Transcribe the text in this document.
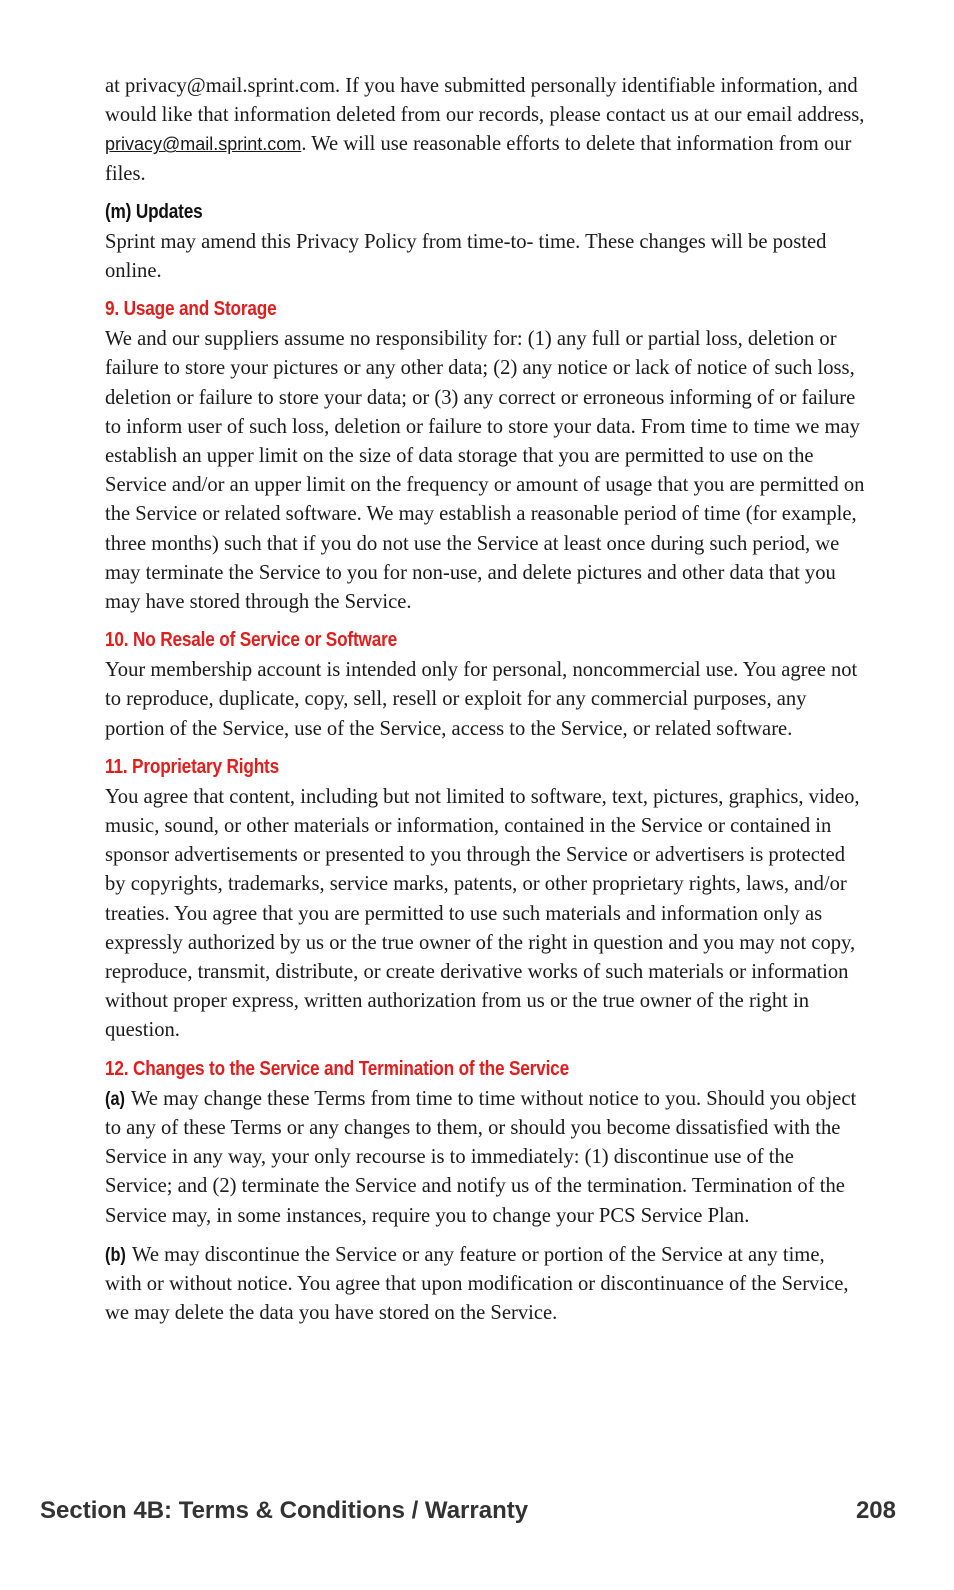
at privacy@mail.sprint.com. If you have submitted personally identifiable information, and would like that information deleted from our records, please contact us at our email address, privacy@mail.sprint.com. We will use reasonable efforts to delete that information from our files.

(m) Updates

Sprint may amend this Privacy Policy from time-to- time. These changes will be posted online.

9. Usage and Storage

We and our suppliers assume no responsibility for: (1) any full or partial loss, deletion or failure to store your pictures or any other data; (2) any notice or lack of notice of such loss, deletion or failure to store your data; or (3) any correct or erroneous informing of or failure to inform user of such loss, deletion or failure to store your data. From time to time we may establish an upper limit on the size of data storage that you are permitted to use on the Service and/or an upper limit on the frequency or amount of usage that you are permitted on the Service or related software. We may establish a reasonable period of time (for example, three months) such that if you do not use the Service at least once during such period, we may terminate the Service to you for non-use, and delete pictures and other data that you may have stored through the Service.

10. No Resale of Service or Software

Your membership account is intended only for personal, noncommercial use. You agree not to reproduce, duplicate, copy, sell, resell or exploit for any commercial purposes, any portion of the Service, use of the Service, access to the Service, or related software.

11. Proprietary Rights

You agree that content, including but not limited to software, text, pictures, graphics, video, music, sound, or other materials or information, contained in the Service or contained in sponsor advertisements or presented to you through the Service or advertisers is protected by copyrights, trademarks, service marks, patents, or other proprietary rights, laws, and/or treaties. You agree that you are permitted to use such materials and information only as expressly authorized by us or the true owner of the right in question and you may not copy, reproduce, transmit, distribute, or create derivative works of such materials or information without proper express, written authorization from us or the true owner of the right in question.

12. Changes to the Service and Termination of the Service

(a) We may change these Terms from time to time without notice to you. Should you object to any of these Terms or any changes to them, or should you become dissatisfied with the Service in any way, your only recourse is to immediately: (1) discontinue use of the Service; and (2) terminate the Service and notify us of the termination. Termination of the Service may, in some instances, require you to change your PCS Service Plan.

(b) We may discontinue the Service or any feature or portion of the Service at any time, with or without notice. You agree that upon modification or discontinuance of the Service, we may delete the data you have stored on the Service.

Section 4B: Terms & Conditions / Warranty	208
